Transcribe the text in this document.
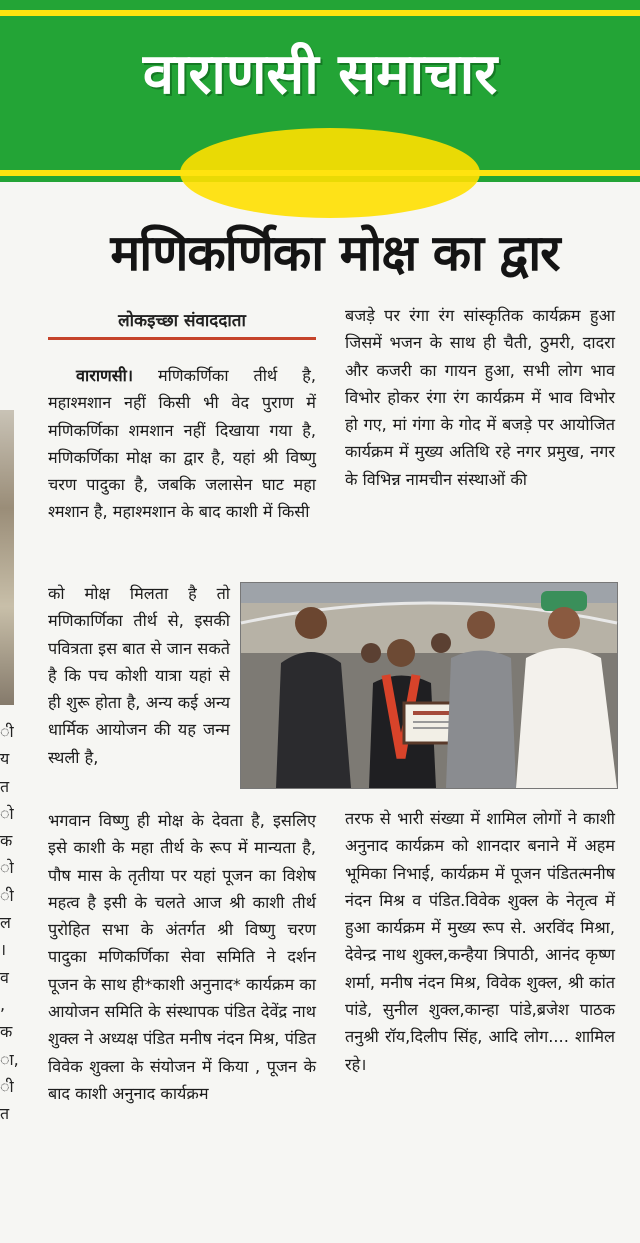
वाराणसी समाचार
मणिकर्णिका मोक्ष का द्वार
लोकइच्छा संवाददाता
ी
य
त
ो
क
ो
ी
ल
।
व
,
क
ा,
ी
त

वाराणसी। मणिकर्णिका तीर्थ है, महाश्मशान नहीं किसी भी वेद पुराण में मणिकर्णिका शमशान नहीं दिखाया गया है, मणिकर्णिका मोक्ष का द्वार है, यहां श्री विष्णु चरण पादुका है, जबकि जलासेन घाट महा श्मशान है, महाश्मशान के बाद काशी में किसी

को मोक्ष मिलता है तो मणिकार्णिका तीर्थ से, इसकी पवित्रता इस बात से जान सकते है कि पच कोशी यात्रा यहां से ही शुरू होता है, अन्य कई अन्य धार्मिक आयोजन की यह जन्म स्थली है,

भगवान विष्णु ही मोक्ष के देवता है, इसलिए इसे काशी के महा तीर्थ के रूप में मान्यता है, पौष मास के तृतीया पर यहां पूजन का विशेष महत्व है इसी के चलते आज श्री काशी तीर्थ पुरोहित सभा के अंतर्गत श्री विष्णु चरण पादुका मणिकर्णिका सेवा समिति ने दर्शन पूजन के साथ ही*काशी अनुनाद* कार्यक्रम का आयोजन समिति के संस्थापक पंडित देवेंद्र नाथ शुक्ल ने अध्यक्ष पंडित मनीष नंदन मिश्र, पंडित विवेक शुक्ला के संयोजन में किया , पूजन के बाद काशी अनुनाद कार्यक्रम

बजड़े पर रंगा रंग सांस्कृतिक कार्यक्रम हुआ जिसमें भजन के साथ ही चैती, ठुमरी, दादरा और कजरी का गायन हुआ, सभी लोग भाव विभोर होकर रंगा रंग कार्यक्रम में भाव विभोर हो गए, मां गंगा के गोद में बजड़े पर आयोजित कार्यक्रम में मुख्य अतिथि रहे नगर प्रमुख, नगर के विभिन्न नामचीन संस्थाओं की

तरफ से भारी संख्या में शामिल लोगों ने काशी अनुनाद कार्यक्रम को शानदार बनाने में अहम भूमिका निभाई, कार्यक्रम में पूजन पंडितत्मनीष नंदन मिश्र व पंडित.विवेक शुक्ल के नेतृत्व में हुआ कार्यक्रम में मुख्य रूप से. अरविंद मिश्रा, देवेन्द्र नाथ शुक्ल,कन्हैया त्रिपाठी, आनंद कृष्ण शर्मा, मनीष नंदन मिश्र, विवेक शुक्ल, श्री कांत पांडे, सुनील शुक्ल,कान्हा पांडे,ब्रजेश पाठक तनुश्री रॉय,दिलीप सिंह, आदि लोग.... शामिल रहे।
